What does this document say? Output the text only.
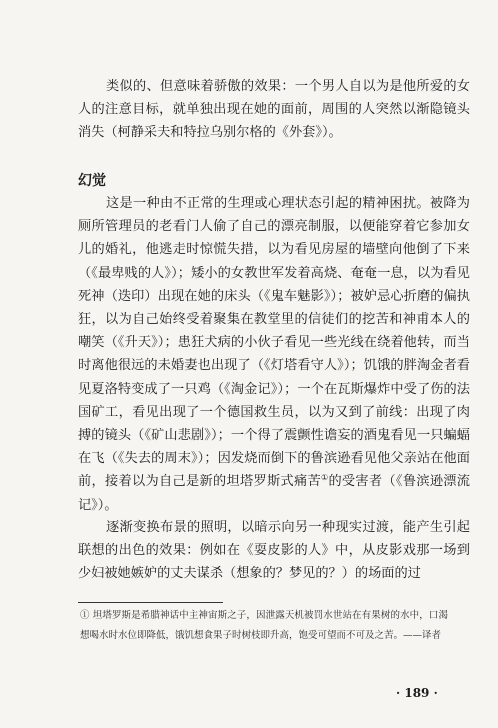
类似的、但意味着骄傲的效果：一个男人自以为是他所爱的女人的注意目标，就单独出现在她的面前，周围的人突然以渐隐镜头消失（柯静采夫和特拉乌别尔格的《外套》）。

幻觉

这是一种由不正常的生理或心理状态引起的精神困扰。被降为厕所管理员的老看门人偷了自己的漂亮制服，以便能穿着它参加女儿的婚礼，他逃走时惊慌失措，以为看见房屋的墙壁向他倒了下来（《最卑贱的人》）；矮小的女教世军发着高烧、奄奄一息，以为看见死神（迭印）出现在她的床头（《鬼车魅影》）；被妒忌心折磨的偏执狂，以为自己始终受着聚集在教堂里的信徒们的挖苦和神甫本人的嘲笑（《升天》）；患狂犬病的小伙子看见一些光线在绕着他转，而当时离他很远的未婚妻也出现了（《灯塔看守人》）；饥饿的胖淘金者看见夏洛特变成了一只鸡（《淘金记》）；一个在瓦斯爆炸中受了伤的法国矿工，看见出现了一个德国救生员，以为又到了前线：出现了肉搏的镜头（《矿山悲剧》）；一个得了震颤性谵妄的酒鬼看见一只蝙蝠在飞（《失去的周末》）；因发烧而倒下的鲁滨逊看见他父亲站在他面前，接着以为自己是新的坦塔罗斯式痛苦①的受害者（《鲁滨逊漂流记》）。

逐渐变换布景的照明，以暗示向另一种现实过渡，能产生引起联想的出色的效果：例如在《耍皮影的人》中，从皮影戏那一场到少妇被她嫉妒的丈夫谋杀（想象的？梦见的？）的场面的过

① 坦塔罗斯是希腊神话中主神宙斯之子，因泄露天机被罚水世站在有果树的水中，口渴想喝水时水位即降低，饿饥想食果子时树枝即升高，饱受可望而不可及之苦。——译者

· 189 ·
